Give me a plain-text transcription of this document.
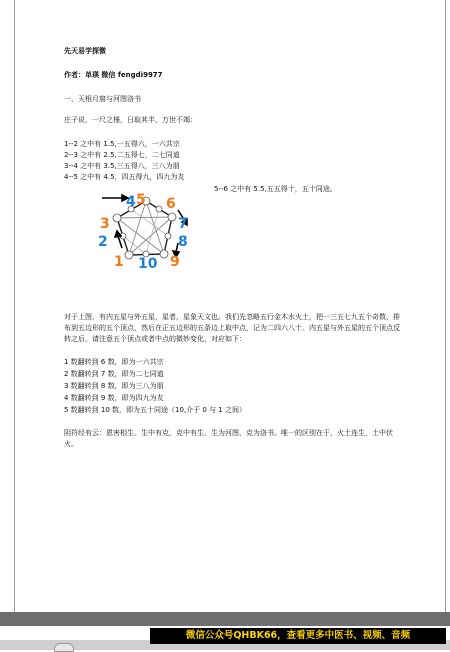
先天易学探微
作者：单瑛 微信 fengdi9977
一、天根月窟与河图洛书
庄子说，一尺之棰，日取其半，万世不竭：
1--2 之中有 1.5,一五得六，一六共宗
2--3 之中有 2.5,二五得七，二七同道
3--4 之中有 3.5,三五得八，三八为朋
4--5 之中有 4.5，四五得九，四九为友
5--6 之中有 5.5,五五得十，五十同途。
4 5 6
7
3
8
2
9
1 10
对于上图，有内五星与外五星，星者，星象天文也。我们先忽略五行金木水火土，把一三五七九五个奇数，排布到五边形的五个顶点，然后在正五边形的五条边上取中点，记为二四六八十。内五星与外五星的五个顶点反转之后，请注意五个顶点或者中点的微妙变化，对应如下：
1 数翻转到 6 数，即为一六共宗
2 数翻转到 7 数，即为二七同道
3 数翻转到 8 数，即为三八为朋
4 数翻转到 9 数，即为四九为友
5 数翻转到 10 数，即为五十同途（10,介于 0 与 1 之间）
阴符经有云：恩害相生。生中有克，克中有生。生为河图，克为洛书。唯一的区别在于，火土连生，土中伏火。
微信公众号QHBK66，查看更多中医书、视频、音频
